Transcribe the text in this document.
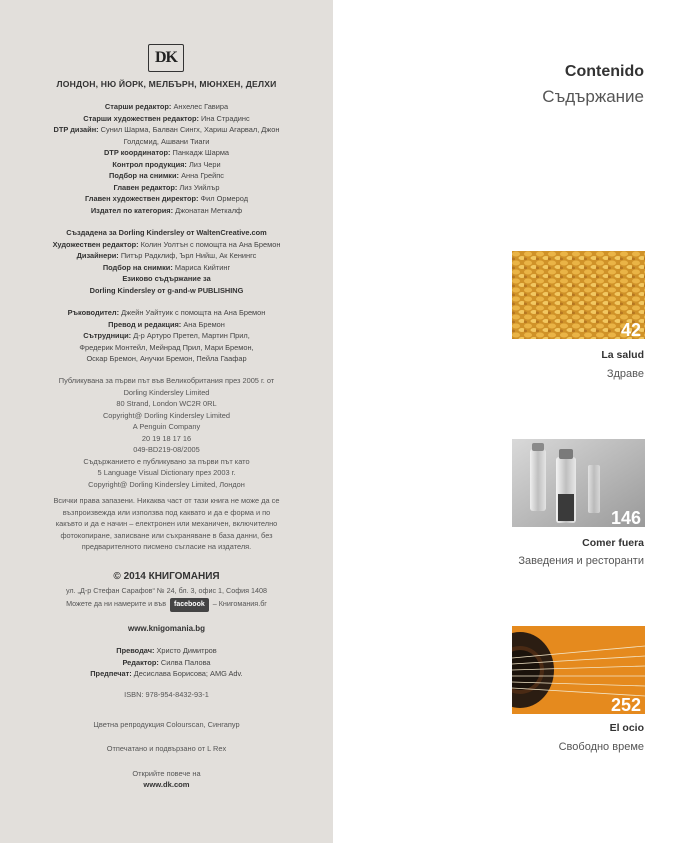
DK
ЛОНДОН, НЮ ЙОРК, МЕЛБЪРН, МЮНХЕН, ДЕЛХИ
Старши редактор: Анхелес Гавира
Старши художествен редактор: Ина Страдинс
DTP дизайн: Сунил Шарма, Балван Сингх, Хариш Агарвал, Джон
Голдсмид, Ашвани Тиаги
DTP координатор: Панкадж Шарма
Контрол продукция: Лиз Чери
Подбор на снимки: Анна Грейпс
Главен редактор: Лиз Уийлър
Главен художествен директор: Фил Ормерод
Издател по категория: Джонатан Меткалф
Създадена за Dorling Kindersley от WaltenCreative.com
Художествен редактор: Колин Уолтън с помощта на Ана Бремон
Дизайнери: Питър Радклиф, Ърл Нийш, Ак Кенингс
Подбор на снимки: Мариса Кийтинг
Езиково съдържание за
Dorling Kindersley от g-and-w PUBLISHING
Ръководител: Джейн Уайтуик с помощта на Ана Бремон
Превод и редакция: Ана Бремон
Сътрудници: Д-р Артуро Претел, Мартин Прил,
Фредерик Монтейл, Мейнрад Прил, Мари Бремон,
Оскар Бремон, Анучки Бремон, Пейла Гаафар
Публикувана за първи път във Великобритания през 2005 г. от
Dorling Kindersley Limited
80 Strand, London WC2R 0RL
Copyright@ Dorling Kindersley Limited
A Penguin Company
20 19 18 17 16
049-BD219-08/2005
Съдържанието е публикувано за първи път като
5 Language Visual Dictionary през 2003 г.
Copyright@ Dorling Kindersley Limited, Лондон
Всички права запазени. Никаква част от тази книга не може да се
възпроизвежда или използва под каквато и да е форма и по
какъвто и да е начин – електронен или механичен, включително
фотокопиране, записване или съхраняване в база данни, без
предварителното писмено съгласие на издателя.
© 2014 КНИГОМАНИЯ
ул. „Д-р Стефан Сарафов“ № 24, бл. 3, офис 1, София 1408
Можете да ни намерите и във facebook – Книгомания.бг
www.knigomania.bg
Преводач: Христо Димитров
Редактор: Силва Палова
Предпечат: Десислава Борисова; AMG Adv.
ISBN: 978-954-8432-93-1
Цветна репродукция Colourscan, Сингапур
Отпечатано и подвързано от L Rex
Открийте повече на
www.dk.com
Contenido
Съдържание
42
La salud
Здраве
146
Comer fuera
Заведения и ресторанти
252
El ocio
Свободно време
